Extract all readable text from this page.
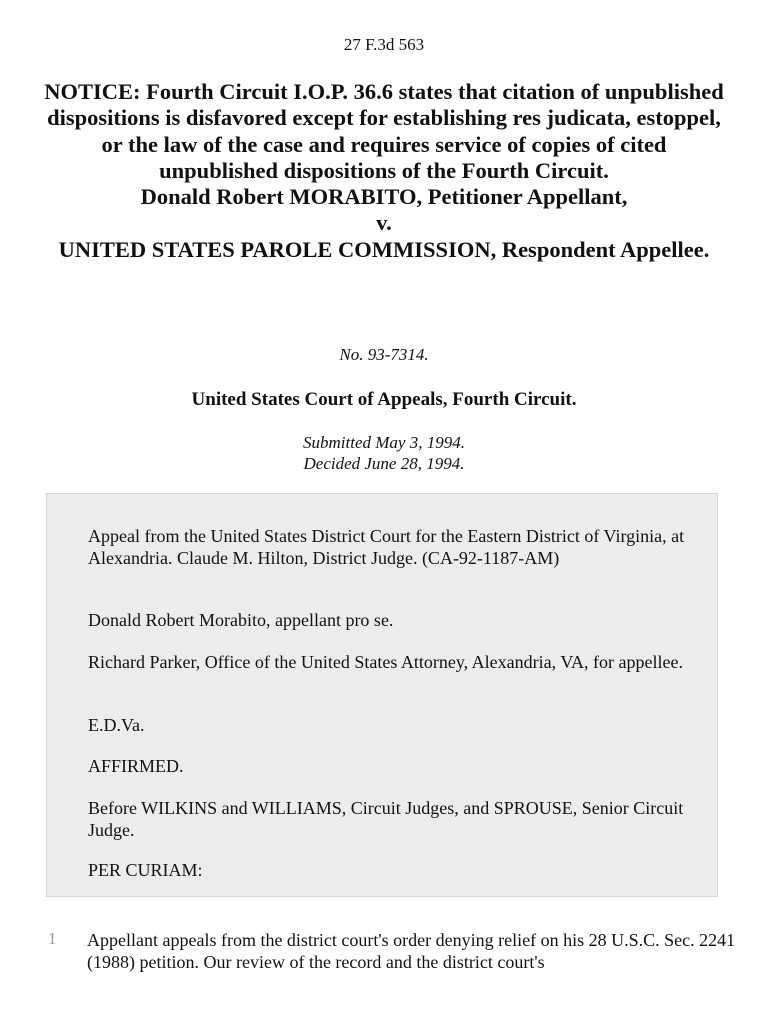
27 F.3d 563
NOTICE: Fourth Circuit I.O.P. 36.6 states that citation of unpublished dispositions is disfavored except for establishing res judicata, estoppel, or the law of the case and requires service of copies of cited unpublished dispositions of the Fourth Circuit.
Donald Robert MORABITO, Petitioner Appellant,
v.
UNITED STATES PAROLE COMMISSION, Respondent Appellee.
No. 93-7314.
United States Court of Appeals, Fourth Circuit.
Submitted May 3, 1994.
Decided June 28, 1994.

Appeal from the United States District Court for the Eastern District of Virginia, at Alexandria. Claude M. Hilton, District Judge. (CA-92-1187-AM)

Donald Robert Morabito, appellant pro se.

Richard Parker, Office of the United States Attorney, Alexandria, VA, for appellee.

E.D.Va.

AFFIRMED.

Before WILKINS and WILLIAMS, Circuit Judges, and SPROUSE, Senior Circuit Judge.

PER CURIAM:

1 Appellant appeals from the district court's order denying relief on his 28 U.S.C. Sec. 2241 (1988) petition. Our review of the record and the district court's
